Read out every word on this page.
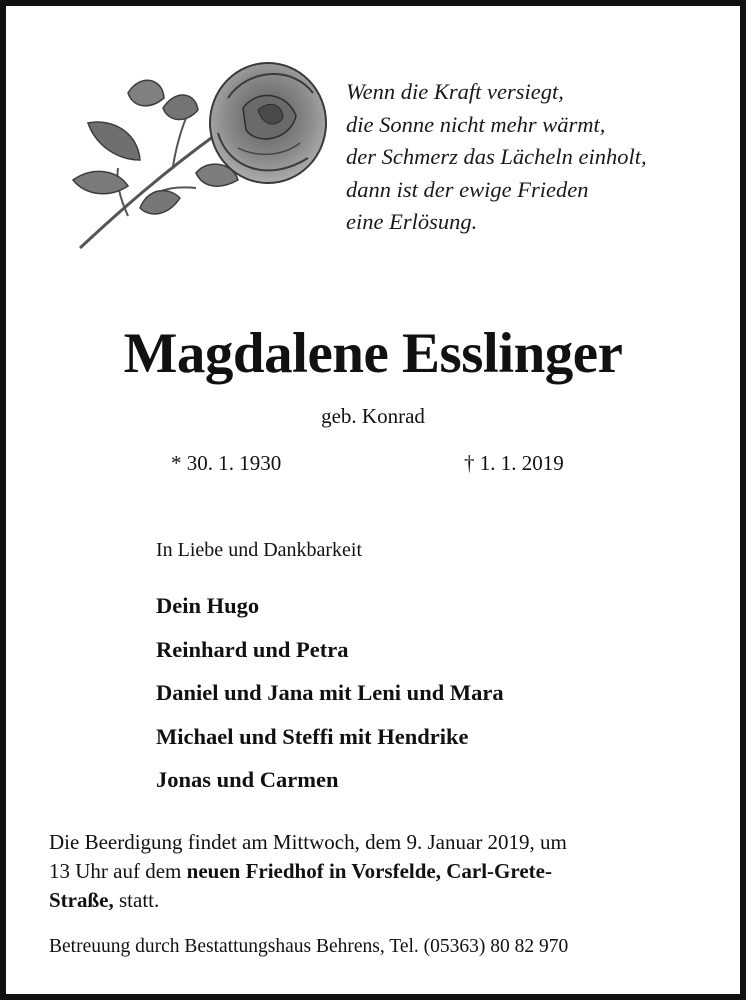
Wenn die Kraft versiegt,
die Sonne nicht mehr wärmt,
der Schmerz das Lächeln einholt,
dann ist der ewige Frieden
eine Erlösung.
Magdalene Esslinger
geb. Konrad
* 30. 1. 1930	† 1. 1. 2019
In Liebe und Dankbarkeit
Dein Hugo
Reinhard und Petra
Daniel und Jana mit Leni und Mara
Michael und Steffi mit Hendrike
Jonas und Carmen
Die Beerdigung findet am Mittwoch, dem 9. Januar 2019, um
13 Uhr auf dem neuen Friedhof in Vorsfelde, Carl-Grete-
Straße, statt.
Betreuung durch Bestattungshaus Behrens, Tel. (05363) 80 82 970
